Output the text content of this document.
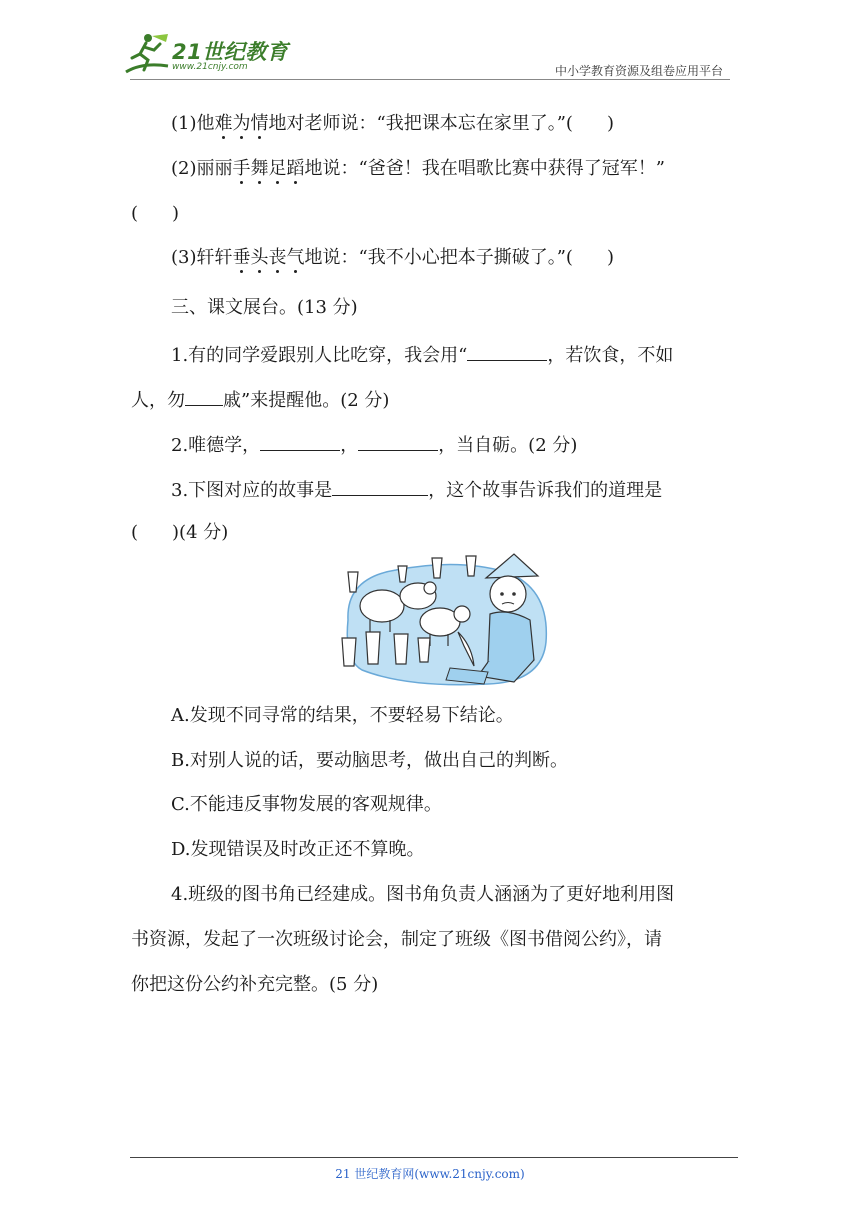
21世纪教育
www.21cnjy.com	中小学教育资源及组卷应用平台
(1)他难为情地对老师说：“我把课本忘在家里了。”( )
(2)丽丽手舞足蹈地说：“爸爸！我在唱歌比赛中获得了冠军！”
( )
(3)轩轩垂头丧气地说：“我不小心把本子撕破了。”( )
三、课文展台。(13 分)
1.有的同学爱跟别人比吃穿，我会用“	，若饮食，不如
人，勿 戚”来提醒他。(2 分)
2.唯德学，	，	，当自砺。(2 分)
3.下图对应的故事是	，这个故事告诉我们的道理是
( )(4 分)
A.发现不同寻常的结果，不要轻易下结论。
B.对别人说的话，要动脑思考，做出自己的判断。
C.不能违反事物发展的客观规律。
D.发现错误及时改正还不算晚。
4.班级的图书角已经建成。图书角负责人涵涵为了更好地利用图
书资源，发起了一次班级讨论会，制定了班级《图书借阅公约》，请
你把这份公约补充完整。(5 分)
21 世纪教育网(www.21cnjy.com)
